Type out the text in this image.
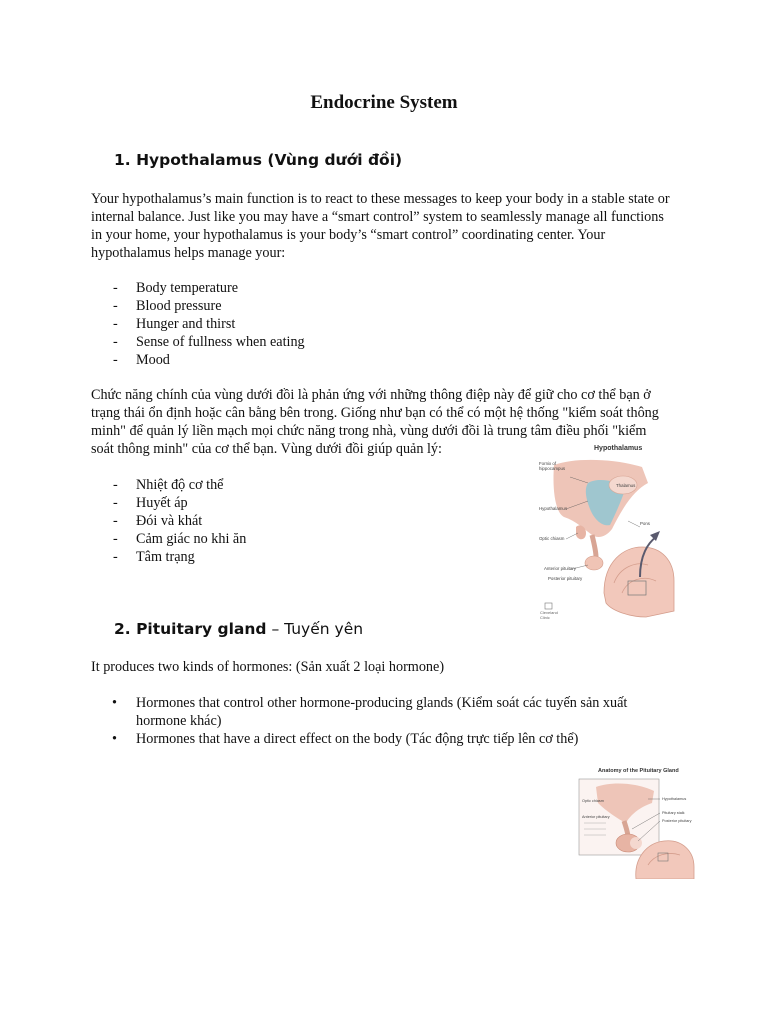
Endocrine System
1. Hypothalamus (Vùng dưới đồi)

Your hypothalamus’s main function is to react to these messages to keep your body in a stable state or internal balance. Just like you may have a “smart control” system to seamlessly manage all functions in your home, your hypothalamus is your body’s “smart control” coordinating center. Your hypothalamus helps manage your:

- Body temperature
- Blood pressure
- Hunger and thirst
- Sense of fullness when eating
- Mood

Chức năng chính của vùng dưới đồi là phản ứng với những thông điệp này để giữ cho cơ thể bạn ở trạng thái ổn định hoặc cân bằng bên trong. Giống như bạn có thể có một hệ thống "kiểm soát thông minh" để quản lý liền mạch mọi chức năng trong nhà, vùng dưới đồi là trung tâm điều phối "kiểm soát thông minh" của cơ thể bạn. Vùng dưới đồi giúp quản lý:

- Nhiệt độ cơ thể
- Huyết áp
- Đói và khát
- Cảm giác no khi ăn
- Tâm trạng
Hypothalamus
Fornix of hippocampus
Thalamus
Hypothalamus
Pons
Optic chiasm
Anterior pituitary
Posterior pituitary
Cleveland Clinic
2. Pituitary gland – Tuyến yên

It produces two kinds of hormones: (Sản xuất 2 loại hormone)

• Hormones that control other hormone-producing glands (Kiểm soát các tuyến sản xuất hormone khác)
• Hormones that have a direct effect on the body (Tác động trực tiếp lên cơ thể)
Anatomy of the Pituitary Gland
Optic chiasm
Anterior pituitary
Hypothalamus
Pituitary stalk
Posterior pituitary
